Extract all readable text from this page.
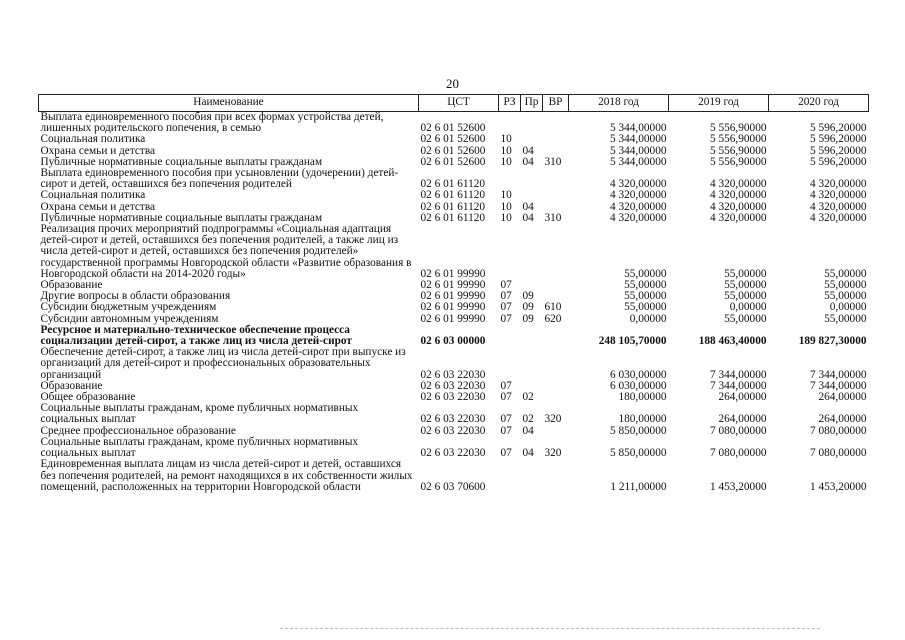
20
Наименование	ЦСТ	РЗ	Пр	ВР	2018 год	2019 год	2020 год
Выплата единовременного пособия при всех формах устройства детей, лишенных родительского попечения, в семью	02 6 01 52600				5 344,00000	5 556,90000	5 596,20000
Социальная политика	02 6 01 52600	10			5 344,00000	5 556,90000	5 596,20000
Охрана семьи и детства	02 6 01 52600	10	04		5 344,00000	5 556,90000	5 596,20000
Публичные нормативные социальные выплаты гражданам	02 6 01 52600	10	04	310	5 344,00000	5 556,90000	5 596,20000
Выплата единовременного пособия при усыновлении (удочерении) детей-сирот и детей, оставшихся без попечения родителей	02 6 01 61120				4 320,00000	4 320,00000	4 320,00000
Социальная политика	02 6 01 61120	10			4 320,00000	4 320,00000	4 320,00000
Охрана семьи и детства	02 6 01 61120	10	04		4 320,00000	4 320,00000	4 320,00000
Публичные нормативные социальные выплаты гражданам	02 6 01 61120	10	04	310	4 320,00000	4 320,00000	4 320,00000
Реализация прочих мероприятий подпрограммы «Социальная адаптация детей-сирот и детей, оставшихся без попечения родителей, а также лиц из числа детей-сирот и детей, оставшихся без попечения родителей» государственной программы Новгородской области «Развитие образования в Новгородской области на 2014-2020 годы»	02 6 01 99990				55,00000	55,00000	55,00000
Образование	02 6 01 99990	07			55,00000	55,00000	55,00000
Другие вопросы в области образования	02 6 01 99990	07	09		55,00000	55,00000	55,00000
Субсидии бюджетным учреждениям	02 6 01 99990	07	09	610	55,00000	0,00000	0,00000
Субсидии автономным учреждениям	02 6 01 99990	07	09	620	0,00000	55,00000	55,00000
Ресурсное и материально-техническое обеспечение процесса социализации детей-сирот, а также лиц из числа детей-сирот	02 6 03 00000				248 105,70000	188 463,40000	189 827,30000
Обеспечение детей-сирот, а также лиц из числа детей-сирот при выпуске из организаций для детей-сирот и профессиональных образовательных организаций	02 6 03 22030				6 030,00000	7 344,00000	7 344,00000
Образование	02 6 03 22030	07			6 030,00000	7 344,00000	7 344,00000
Общее образование	02 6 03 22030	07	02		180,00000	264,00000	264,00000
Социальные выплаты гражданам, кроме публичных нормативных социальных выплат	02 6 03 22030	07	02	320	180,00000	264,00000	264,00000
Среднее профессиональное образование	02 6 03 22030	07	04		5 850,00000	7 080,00000	7 080,00000
Социальные выплаты гражданам, кроме публичных нормативных социальных выплат	02 6 03 22030	07	04	320	5 850,00000	7 080,00000	7 080,00000
Единовременная выплата лицам из числа детей-сирот и детей, оставшихся без попечения родителей, на ремонт находящихся в их собственности жилых помещений, расположенных на территории Новгородской области	02 6 03 70600				1 211,00000	1 453,20000	1 453,20000
